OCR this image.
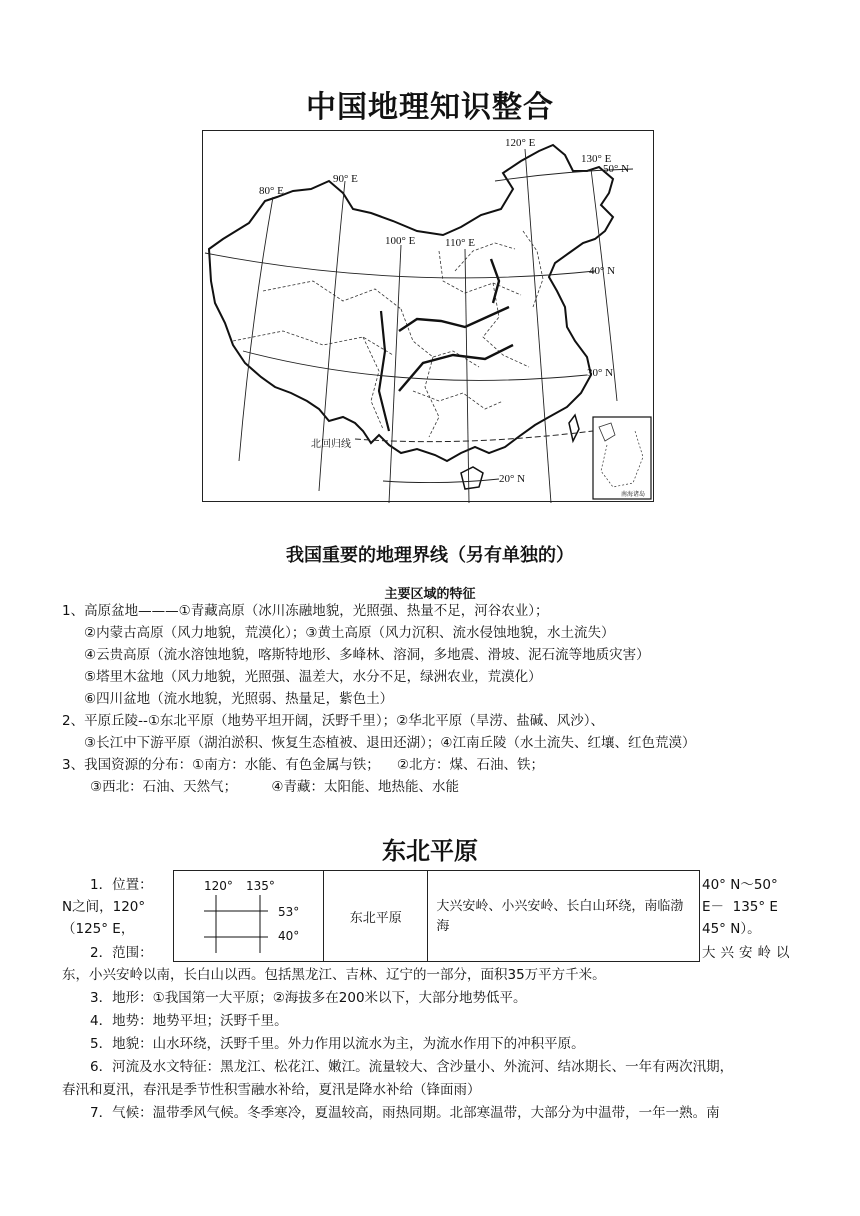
中国地理知识整合
120° E
130° E
50° N
90° E
80° E
100° E	110° E
40° N
30° N
北回归线
20° N
南海诸岛
我国重要的地理界线（另有单独的）
主要区域的特征
1、高原盆地———①青藏高原（冰川冻融地貌，光照强、热量不足，河谷农业）；
②内蒙古高原（风力地貌，荒漠化）；③黄土高原（风力沉积、流水侵蚀地貌，水土流失）
④云贵高原（流水溶蚀地貌，喀斯特地形、多峰林、溶洞，多地震、滑坡、泥石流等地质灾害）
⑤塔里木盆地（风力地貌，光照强、温差大，水分不足，绿洲农业，荒漠化）
⑥四川盆地（流水地貌，光照弱、热量足，紫色土）
2、平原丘陵--①东北平原（地势平坦开阔，沃野千里）；②华北平原（旱涝、盐碱、风沙）、
③长江中下游平原（湖泊淤积、恢复生态植被、退田还湖）；④江南丘陵（水土流失、红壤、红色荒漠）
3、我国资源的分布：①南方：水能、有色金属与铁；    ②北方：煤、石油、铁；
③西北：石油、天然气；        ④青藏：太阳能、地热能、水能
东北平原
1．位置：
N之间，120°
（125° E，
2．范围：
120° 135°
53°
40°
东北平原
大兴安岭、小兴安岭、长白山环绕，南临渤海
40° N～50°
E－  135° E
45° N）。
大兴安岭以
东，小兴安岭以南，长白山以西。包括黑龙江、吉林、辽宁的一部分，面积35万平方千米。
3．地形：①我国第一大平原；②海拔多在200米以下，大部分地势低平。
4．地势：地势平坦；沃野千里。
5．地貌：山水环绕，沃野千里。外力作用以流水为主，为流水作用下的冲积平原。
6．河流及水文特征：黑龙江、松花江、嫩江。流量较大、含沙量小、外流河、结冰期长、一年有两次汛期，
春汛和夏汛，春汛是季节性积雪融水补给，夏汛是降水补给（锋面雨）
7．气候：温带季风气候。冬季寒冷，夏温较高，雨热同期。北部寒温带，大部分为中温带，一年一熟。南
